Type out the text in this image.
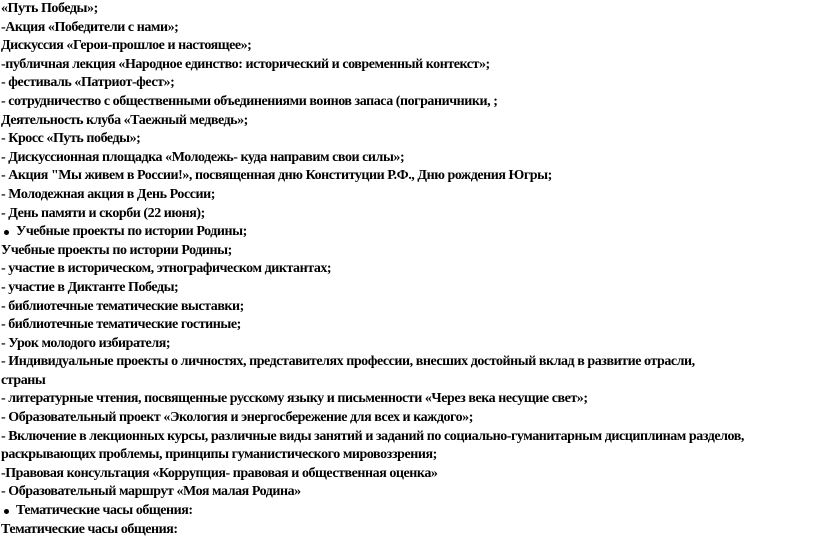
«Путь Победы»;
-Акция «Победители с нами»;
Дискуссия «Герои-прошлое и настоящее»;
-публичная лекция «Народное единство: исторический и современный контекст»;
- фестиваль «Патриот-фест»;
- сотрудничество с общественными объединениями воинов запаса (пограничники, ;
Деятельность клуба «Таежный медведь»;
- Кросс «Путь победы»;
- Дискуссионная площадка «Молодежь- куда направим свои силы»;
- Акция "Мы живем в России!», посвященная дню Конституции Р.Ф., Дню рождения Югры;
- Молодежная акция в День России;
- День памяти и скорби (22 июня);
Учебные проекты по истории Родины;
Учебные проекты по истории Родины;
- участие в историческом, этнографическом диктантах;
- участие в Диктанте Победы;
- библиотечные тематические выставки;
- библиотечные тематические гостиные;
- Урок молодого избирателя;
- Индивидуальные проекты о личностях, представителях профессии, внесших достойный вклад в развитие отрасли,
страны
- литературные чтения, посвященные русскому языку и письменности «Через века несущие свет»;
- Образовательный проект «Экология и энергосбережение для всех и каждого»;
- Включение в лекционных курсы, различные виды занятий и заданий по социально-гуманитарным дисциплинам разделов,
раскрывающих проблемы, принципы гуманистического мировоззрения;
-Правовая консультация «Коррупция- правовая и общественная оценка»
- Образовательный маршрут «Моя малая Родина»
Тематические часы общения:
Тематические часы общения:
